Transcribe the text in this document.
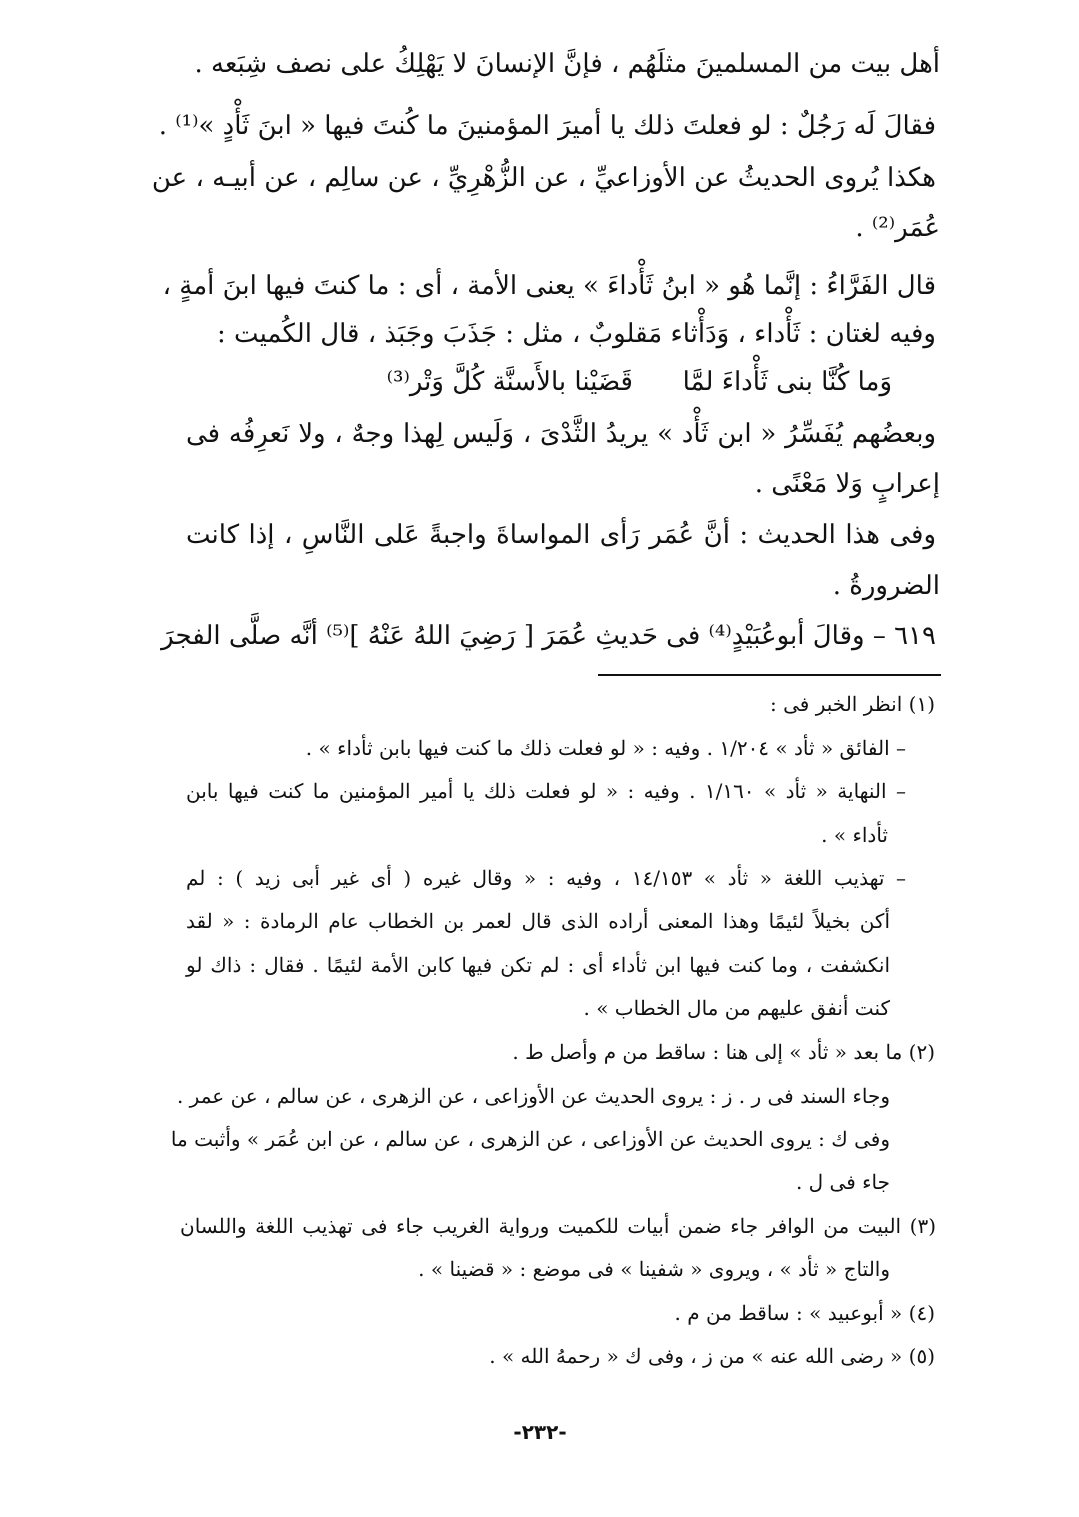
أهل بيت من المسلمينَ مثلَهُم ، فإنَّ الإنسانَ لا يَهْلِكُ على نصف شِبَعه .
فقالَ لَه رَجُلٌ : لو فعلتَ ذلك يا أميرَ المؤمنينَ ما كُنتَ فيها « ابنَ ثَأْدٍ »⁽¹⁾ .
هكذا يُروى الحديثُ عن الأوزاعيِّ ، عن الزُّهْرِيِّ ، عن سالِم ، عن أبيـه ، عن
عُمَر⁽²⁾ .
قال الفَرَّاءُ : إنَّما هُو « ابنُ ثَأْداءَ » يعنى الأمة ، أى : ما كنتَ فيها ابنَ أمةٍ ،
وفيه لغتان : ثَأْداء ، وَدَأْثاء مَقلوبٌ ، مثل : جَذَبَ وجَبَذ ، قال الكُميت :
وَما كُنَّا بنى ثَأْداءَ لمَّا      قَضَيْنا بالأَسنَّة كُلَّ وَتْر⁽³⁾
وبعضُهم يُفَسِّرُ « ابن ثَأْد » يريدُ الثَّدْىَ ، وَلَيس لِهذا وجهٌ ، ولا نَعرِفُه فى
إعرابٍ وَلا مَعْنًى .
وفى هذا الحديث : أنَّ عُمَر رَأى المواساةَ واجبةً عَلى النَّاسِ ، إذا كانت
الضرورةُ .
٦١٩ – وقالَ أبوعُبَيْدٍ⁽⁴⁾ فى حَديثِ عُمَرَ [ رَضِيَ اللهُ عَنْهُ ]⁽⁵⁾ أنَّه صلَّى الفجرَ
(١) انظر الخبر فى :
– الفائق « ثأد » ١/٢٠٤ . وفيه : « لو فعلت ذلك ما كنت فيها بابن ثأداء » .
– النهاية « ثأد » ١/١٦٠ . وفيه : « لو فعلت ذلك يا أمير المؤمنين ما كنت فيها بابن
ثأداء » .
– تهذيب اللغة « ثأد » ١٤/١٥٣ ، وفيه : « وقال غيره ( أى غير أبى زيد ) : لم
أكن بخيلاً لئيمًا وهذا المعنى أراده الذى قال لعمر بن الخطاب عام الرمادة : « لقد
انكشفت ، وما كنت فيها ابن ثأداء أى : لم تكن فيها كابن الأمة لئيمًا . فقال : ذاك لو
كنت أنفق عليهم من مال الخطاب » .
(٢) ما بعد « ثأد » إلى هنا : ساقط من م وأصل ط .
وجاء السند فى ر . ز : يروى الحديث عن الأوزاعى ، عن الزهرى ، عن سالم ، عن عمر .
وفى ك : يروى الحديث عن الأوزاعى ، عن الزهرى ، عن سالم ، عن ابن عُمَر » وأثبت ما
جاء فى ل .
(٣) البيت من الوافر جاء ضمن أبيات للكميت ورواية الغريب جاء فى تهذيب اللغة واللسان
والتاج « ثأد » ، ويروى « شفينا » فى موضع : « قضينا » .
(٤) « أبوعبيد » : ساقط من م .
(٥) « رضى الله عنه » من ز ، وفى ك « رحمهُ الله » .
-٢٣٢-
